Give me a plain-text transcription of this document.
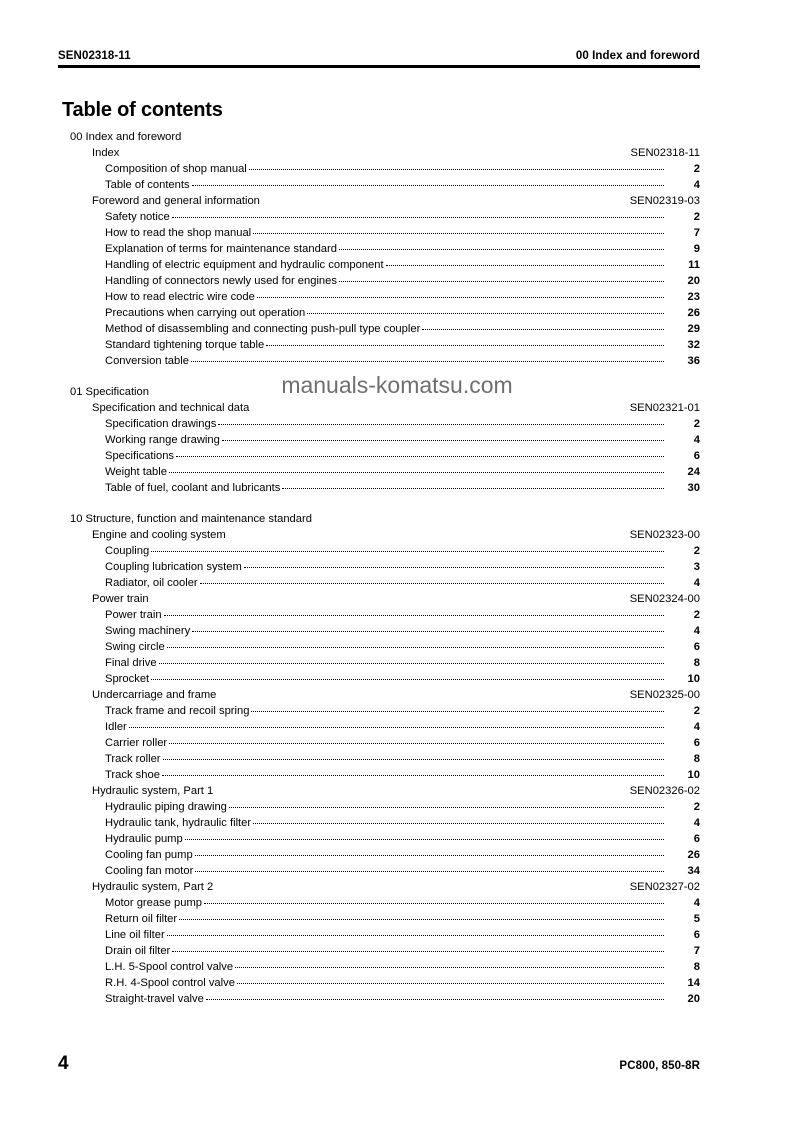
SEN02318-11	00 Index and foreword
Table of contents
00 Index and foreword
Index	SEN02318-11
Composition of shop manual	2
Table of contents	4
Foreword and general information	SEN02319-03
Safety notice	2
How to read the shop manual	7
Explanation of terms for maintenance standard	9
Handling of electric equipment and hydraulic component	11
Handling of connectors newly used for engines	20
How to read electric wire code	23
Precautions when carrying out operation	26
Method of disassembling and connecting push-pull type coupler	29
Standard tightening torque table	32
Conversion table	36
01 Specification
Specification and technical data	SEN02321-01
Specification drawings	2
Working range drawing	4
Specifications	6
Weight table	24
Table of fuel, coolant and lubricants	30
10 Structure, function and maintenance standard
Engine and cooling system	SEN02323-00
Coupling	2
Coupling lubrication system	3
Radiator, oil cooler	4
Power train	SEN02324-00
Power train	2
Swing machinery	4
Swing circle	6
Final drive	8
Sprocket	10
Undercarriage and frame	SEN02325-00
Track frame and recoil spring	2
Idler	4
Carrier roller	6
Track roller	8
Track shoe	10
Hydraulic system, Part 1	SEN02326-02
Hydraulic piping drawing	2
Hydraulic tank, hydraulic filter	4
Hydraulic pump	6
Cooling fan pump	26
Cooling fan motor	34
Hydraulic system, Part 2	SEN02327-02
Motor grease pump	4
Return oil filter	5
Line oil filter	6
Drain oil filter	7
L.H. 5-Spool control valve	8
R.H. 4-Spool control valve	14
Straight-travel valve	20
manuals-komatsu.com
4	PC800, 850-8R
